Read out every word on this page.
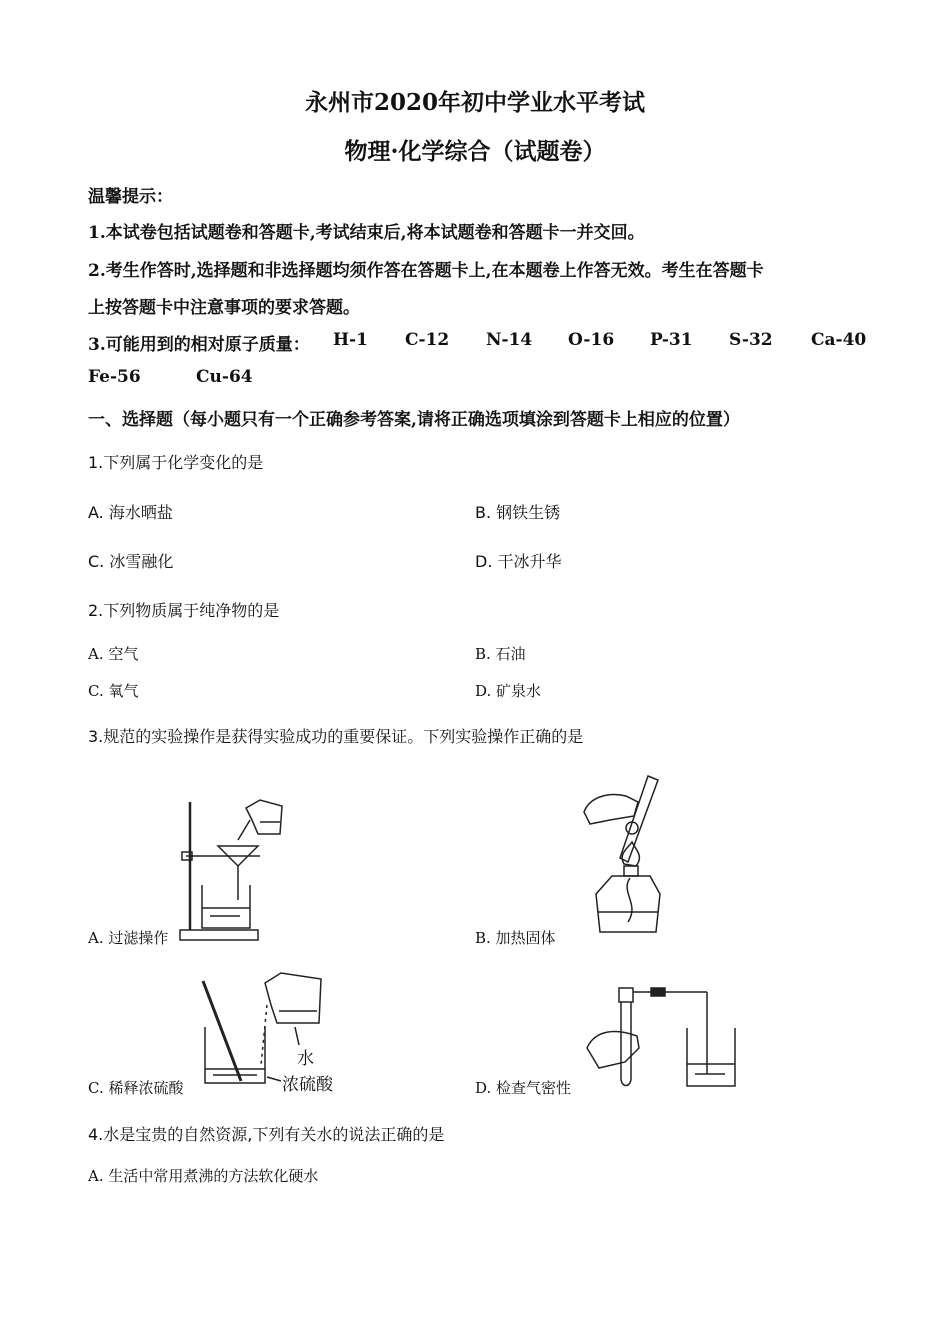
永州市2020年初中学业水平考试
物理·化学综合（试题卷）
温馨提示：
1.本试卷包括试题卷和答题卡,考试结束后,将本试题卷和答题卡一并交回。
2.考生作答时,选择题和非选择题均须作答在答题卡上,在本题卷上作答无效。考生在答题卡
上按答题卡中注意事项的要求答题。
3.可能用到的相对原子质量： H-1 C-12 N-14 O-16 P-31 S-32 Ca-40
Fe-56	Cu-64
一、选择题（每小题只有一个正确参考答案,请将正确选项填涂到答题卡上相应的位置）
1.下列属于化学变化的是
A. 海水晒盐	B. 钢铁生锈
C. 冰雪融化	D. 干冰升华
2.下列物质属于纯净物的是
A. 空气	B. 石油
C. 氧气	D. 矿泉水
3.规范的实验操作是获得实验成功的重要保证。下列实验操作正确的是
A. 过滤操作	B. 加热固体
水
浓硫酸
C. 稀释浓硫酸	D. 检查气密性
4.水是宝贵的自然资源,下列有关水的说法正确的是
A. 生活中常用煮沸的方法软化硬水
